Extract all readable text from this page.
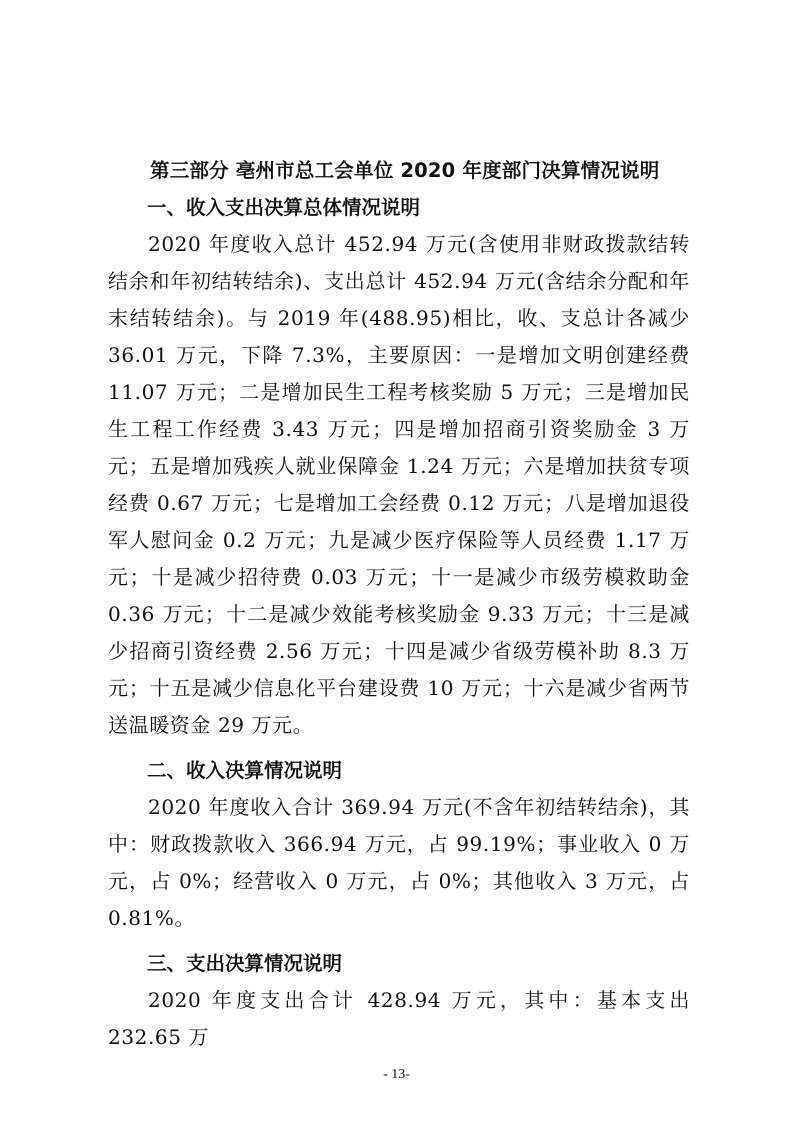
第三部分 亳州市总工会单位 2020 年度部门决算情况说明
一、收入支出决算总体情况说明

2020 年度收入总计 452.94 万元(含使用非财政拨款结转结余和年初结转结余)、支出总计 452.94 万元(含结余分配和年末结转结余)。与 2019 年(488.95)相比，收、支总计各减少 36.01 万元，下降 7.3%，主要原因：一是增加文明创建经费 11.07 万元；二是增加民生工程考核奖励 5 万元；三是增加民生工程工作经费 3.43 万元；四是增加招商引资奖励金 3 万元；五是增加残疾人就业保障金 1.24 万元；六是增加扶贫专项经费 0.67 万元；七是增加工会经费 0.12 万元；八是增加退役军人慰问金 0.2 万元；九是减少医疗保险等人员经费 1.17 万元；十是减少招待费 0.03 万元；十一是减少市级劳模救助金 0.36 万元；十二是减少效能考核奖励金 9.33 万元；十三是减少招商引资经费 2.56 万元；十四是减少省级劳模补助 8.3 万元；十五是减少信息化平台建设费 10 万元；十六是减少省两节送温暖资金 29 万元。

二、收入决算情况说明

2020 年度收入合计 369.94 万元(不含年初结转结余)，其中：财政拨款收入 366.94 万元，占 99.19%；事业收入 0 万元，占 0%；经营收入 0 万元，占 0%；其他收入 3 万元，占 0.81%。

三、支出决算情况说明

2020 年度支出合计 428.94 万元，其中：基本支出 232.65 万

- 13-
